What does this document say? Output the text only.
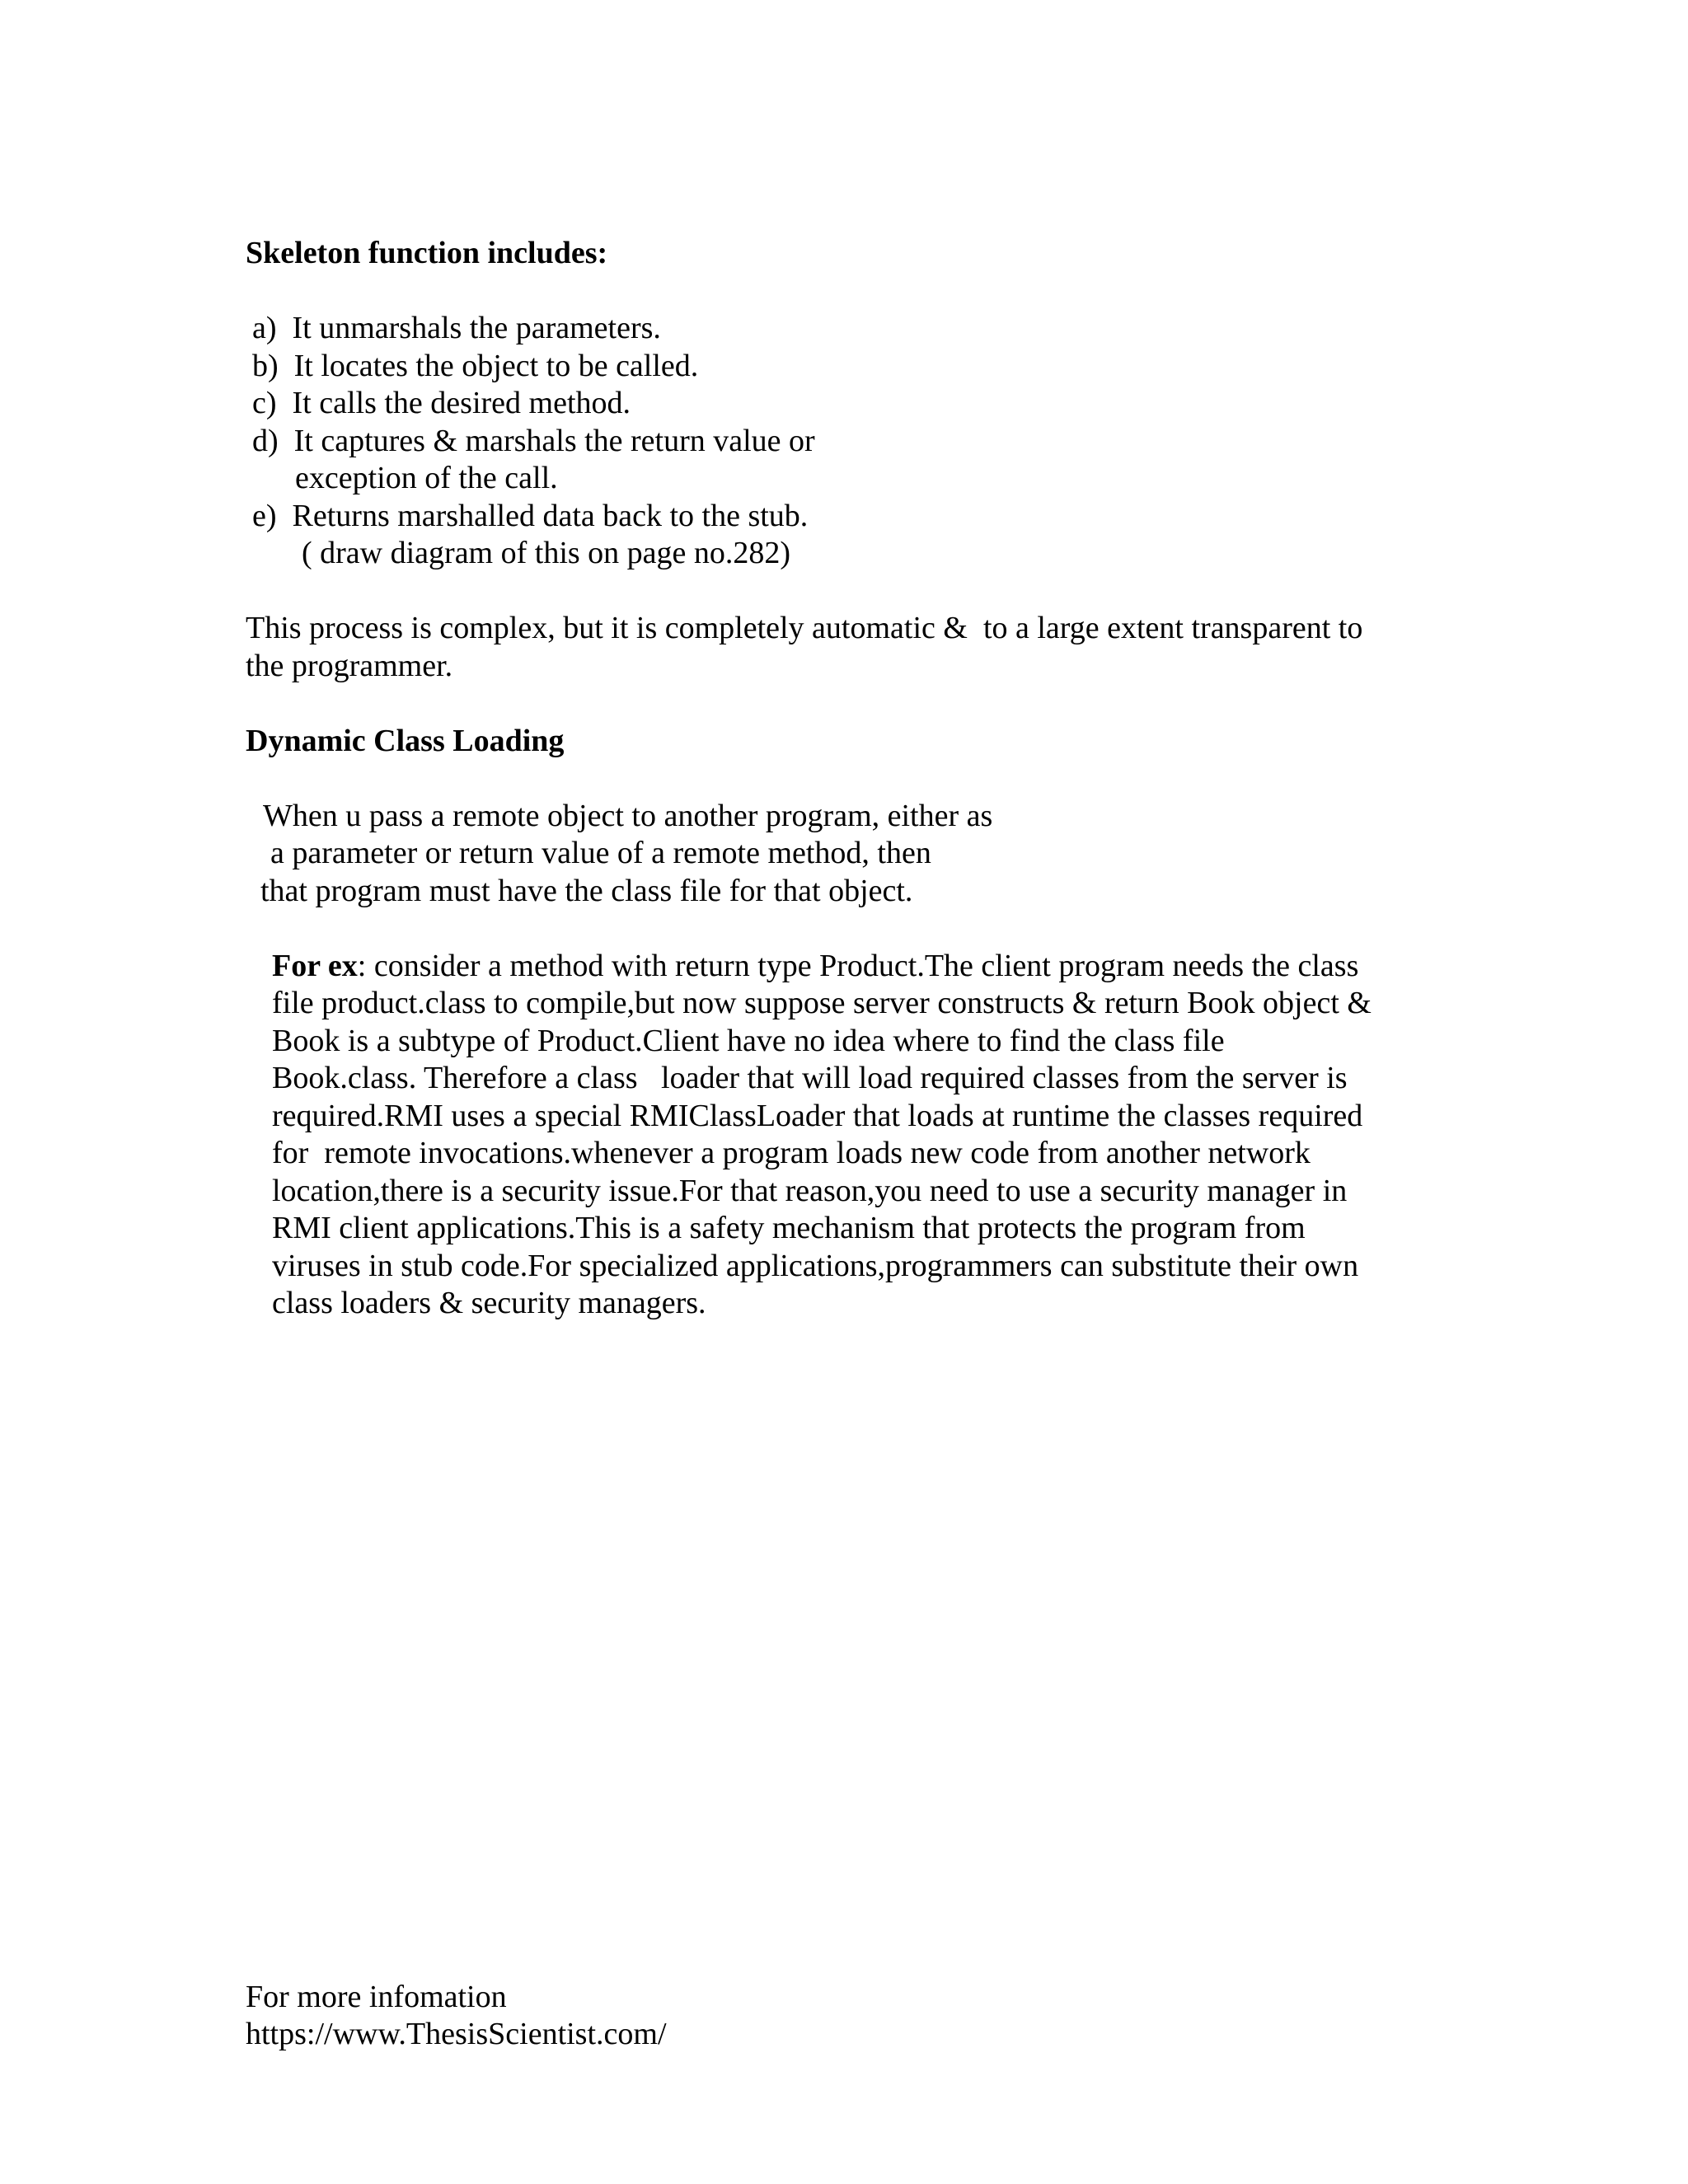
Skeleton function includes:
a)  It unmarshals the parameters.
b)  It locates the object to be called.
c)  It calls the desired method.
d)  It captures & marshals the return value or
exception of the call.
e)  Returns marshalled data back to the stub.
( draw diagram of this on page no.282)
This process is complex, but it is completely automatic &  to a large extent transparent to
the programmer.
Dynamic Class Loading
When u pass a remote object to another program, either as
a parameter or return value of a remote method, then
that program must have the class file for that object.
For ex: consider a method with return type Product.The client program needs the class
file product.class to compile,but now suppose server constructs & return Book object &
Book is a subtype of Product.Client have no idea where to find the class file
Book.class. Therefore a class   loader that will load required classes from the server is
required.RMI uses a special RMIClassLoader that loads at runtime the classes required
for  remote invocations.whenever a program loads new code from another network
location,there is a security issue.For that reason,you need to use a security manager in
RMI client applications.This is a safety mechanism that protects the program from
viruses in stub code.For specialized applications,programmers can substitute their own
class loaders & security managers.
For more infomation
https://www.ThesisScientist.com/
